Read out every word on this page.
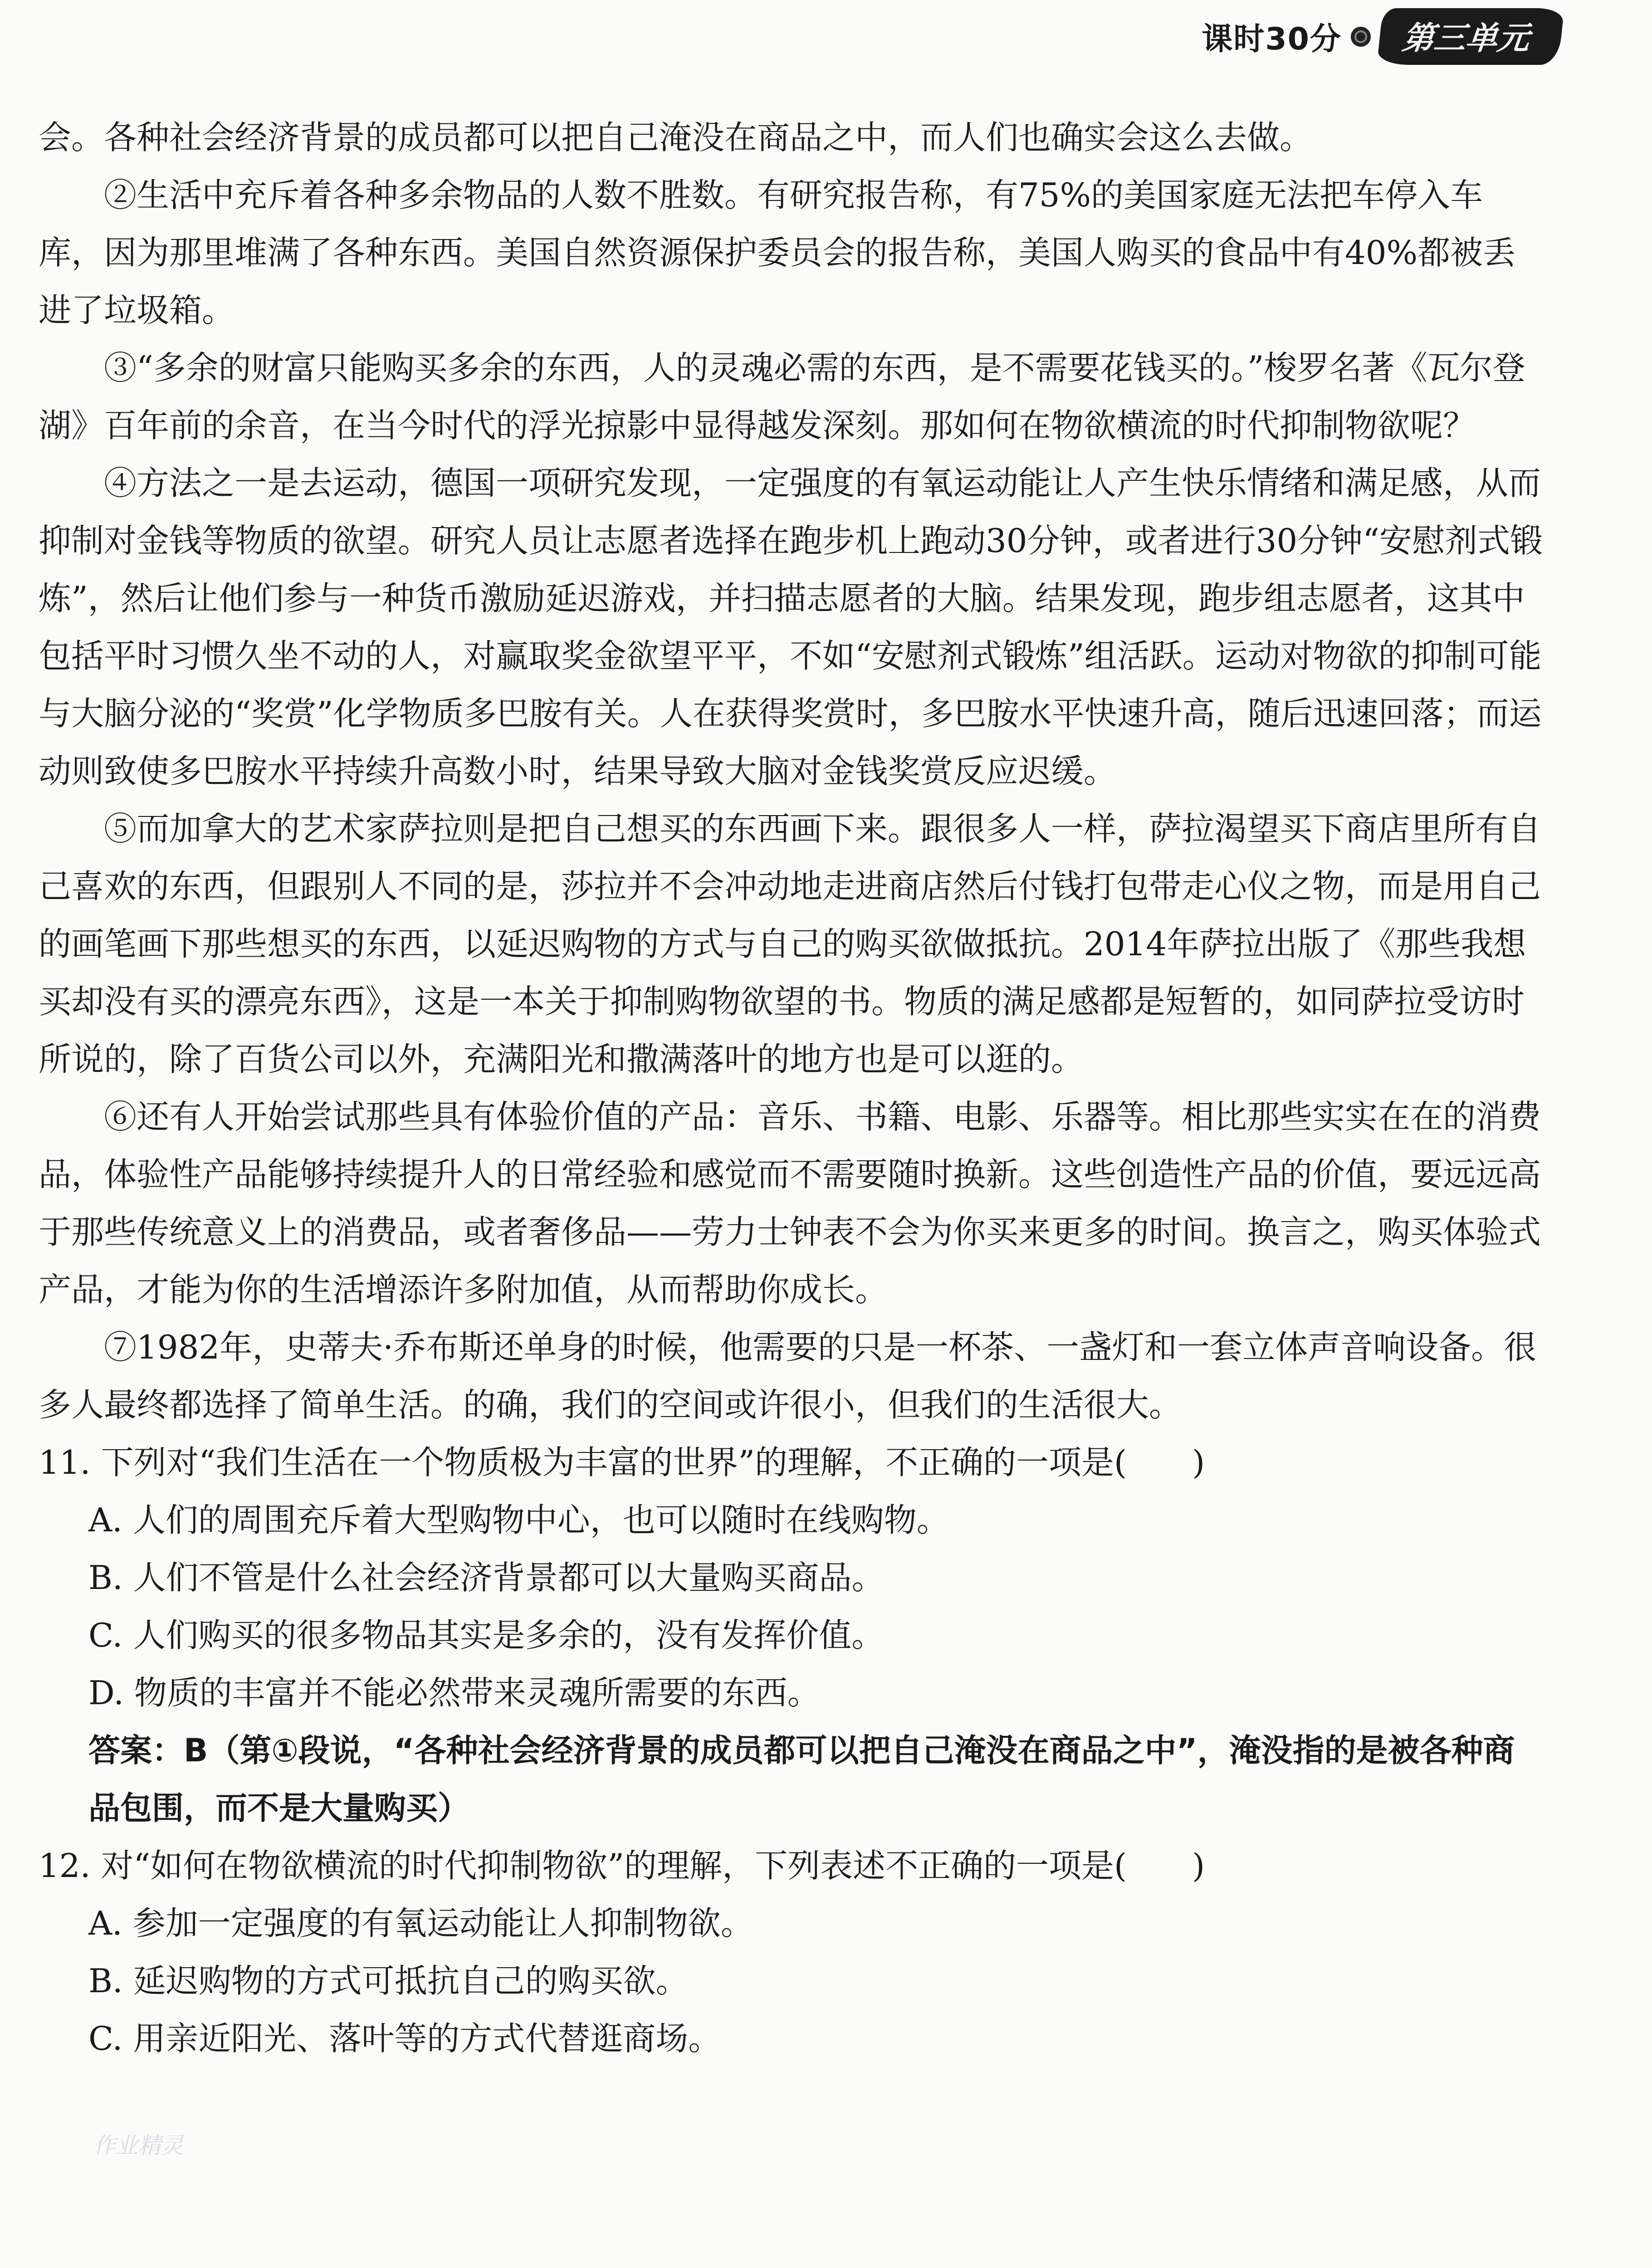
课时30分	第三单元

会。各种社会经济背景的成员都可以把自己淹没在商品之中，而人们也确实会这么去做。

②生活中充斥着各种多余物品的人数不胜数。有研究报告称，有75%的美国家庭无法把车停入车库，因为那里堆满了各种东西。美国自然资源保护委员会的报告称，美国人购买的食品中有40%都被丢进了垃圾箱。

③“多余的财富只能购买多余的东西，人的灵魂必需的东西，是不需要花钱买的。”梭罗名著《瓦尔登湖》百年前的余音，在当今时代的浮光掠影中显得越发深刻。那如何在物欲横流的时代抑制物欲呢？

④方法之一是去运动，德国一项研究发现，一定强度的有氧运动能让人产生快乐情绪和满足感，从而抑制对金钱等物质的欲望。研究人员让志愿者选择在跑步机上跑动30分钟，或者进行30分钟“安慰剂式锻炼”，然后让他们参与一种货币激励延迟游戏，并扫描志愿者的大脑。结果发现，跑步组志愿者，这其中包括平时习惯久坐不动的人，对赢取奖金欲望平平，不如“安慰剂式锻炼”组活跃。运动对物欲的抑制可能与大脑分泌的“奖赏”化学物质多巴胺有关。人在获得奖赏时，多巴胺水平快速升高，随后迅速回落；而运动则致使多巴胺水平持续升高数小时，结果导致大脑对金钱奖赏反应迟缓。

⑤而加拿大的艺术家萨拉则是把自己想买的东西画下来。跟很多人一样，萨拉渴望买下商店里所有自己喜欢的东西，但跟别人不同的是，莎拉并不会冲动地走进商店然后付钱打包带走心仪之物，而是用自己的画笔画下那些想买的东西，以延迟购物的方式与自己的购买欲做抵抗。2014年萨拉出版了《那些我想买却没有买的漂亮东西》，这是一本关于抑制购物欲望的书。物质的满足感都是短暂的，如同萨拉受访时所说的，除了百货公司以外，充满阳光和撒满落叶的地方也是可以逛的。

⑥还有人开始尝试那些具有体验价值的产品：音乐、书籍、电影、乐器等。相比那些实实在在的消费品，体验性产品能够持续提升人的日常经验和感觉而不需要随时换新。这些创造性产品的价值，要远远高于那些传统意义上的消费品，或者奢侈品——劳力士钟表不会为你买来更多的时间。换言之，购买体验式产品，才能为你的生活增添许多附加值，从而帮助你成长。

⑦1982年，史蒂夫·乔布斯还单身的时候，他需要的只是一杯茶、一盏灯和一套立体声音响设备。很多人最终都选择了简单生活。的确，我们的空间或许很小，但我们的生活很大。

11. 下列对“我们生活在一个物质极为丰富的世界”的理解，不正确的一项是(　　)

A. 人们的周围充斥着大型购物中心，也可以随时在线购物。

B. 人们不管是什么社会经济背景都可以大量购买商品。

C. 人们购买的很多物品其实是多余的，没有发挥价值。

D. 物质的丰富并不能必然带来灵魂所需要的东西。

答案：B（第①段说，“各种社会经济背景的成员都可以把自己淹没在商品之中”，淹没指的是被各种商品包围，而不是大量购买）

12. 对“如何在物欲横流的时代抑制物欲”的理解，下列表述不正确的一项是(　　)

A. 参加一定强度的有氧运动能让人抑制物欲。

B. 延迟购物的方式可抵抗自己的购买欲。

C. 用亲近阳光、落叶等的方式代替逛商场。

作业精灵
